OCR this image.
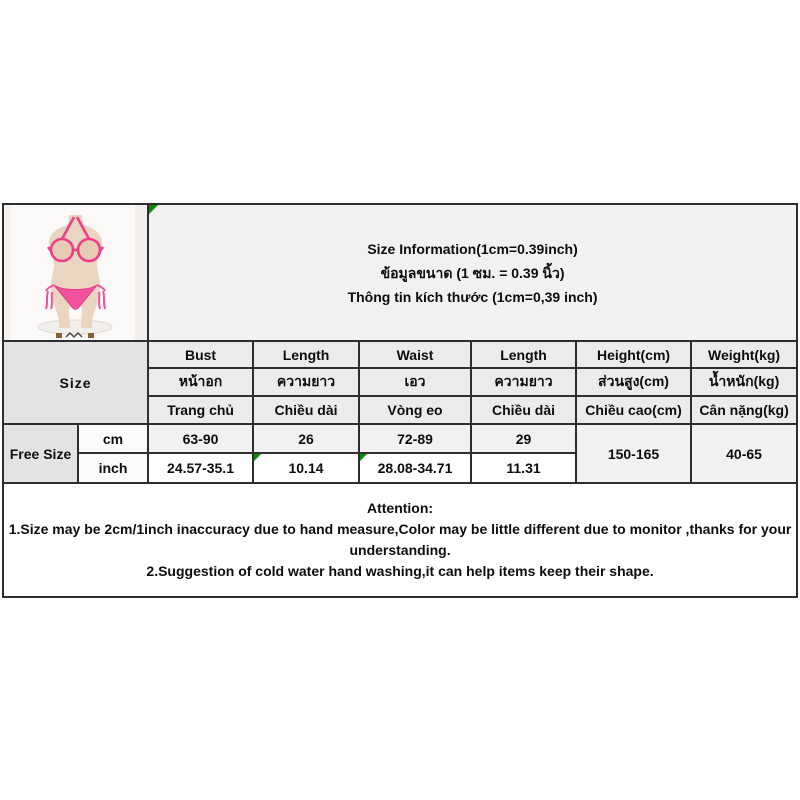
Size Information(1cm=0.39inch)
ข้อมูลขนาด (1 ซม. = 0.39 นิ้ว)
Thông tin kích thước (1cm=0,39 inch)					

Size		Bust	Length	Waist	Length	Height(cm)	Weight(kg)
		หน้าอก	ความยาว	เอว	ความยาว	ส่วนสูง(cm)	น้ำหนัก(kg)
		Trang chủ	Chiều dài	Vòng eo	Chiều dài	Chiều cao(cm)	Cân nặng(kg)
Free Size	cm	63-90	26	72-89	29	150-165	40-65
	inch	24.57-35.1	10.14	28.08-34.71	11.31		

Attention:
1.Size may be 2cm/1inch inaccuracy due to hand measure,Color may be little different due to monitor ,thanks for your understanding.
2.Suggestion of cold water hand washing,it can help items keep their shape.							
